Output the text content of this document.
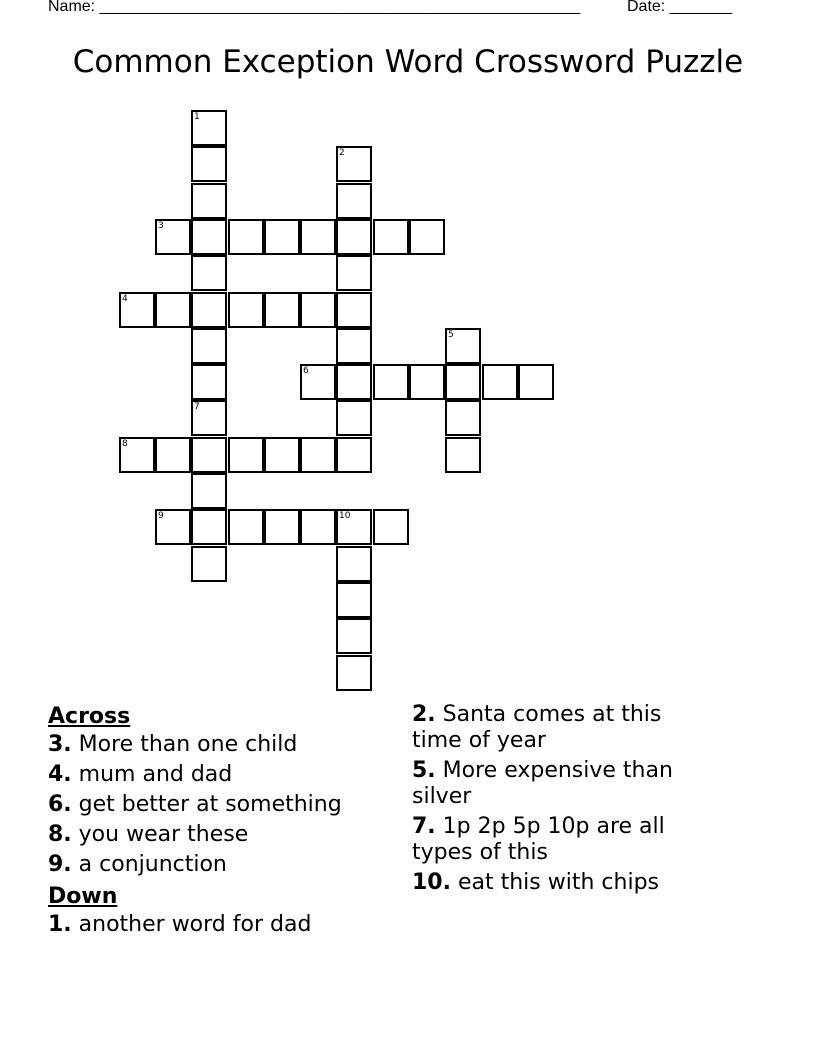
Name: ______________________________________________________	Date: _______
Common Exception Word Crossword Puzzle
1
2
3
4
5
6
7
8
9	10
Across
3. More than one child
4. mum and dad
6. get better at something
8. you wear these
9. a conjunction
Down
1. another word for dad
2. Santa comes at this time of year
5. More expensive than silver
7. 1p 2p 5p 10p are all types of this
10. eat this with chips
